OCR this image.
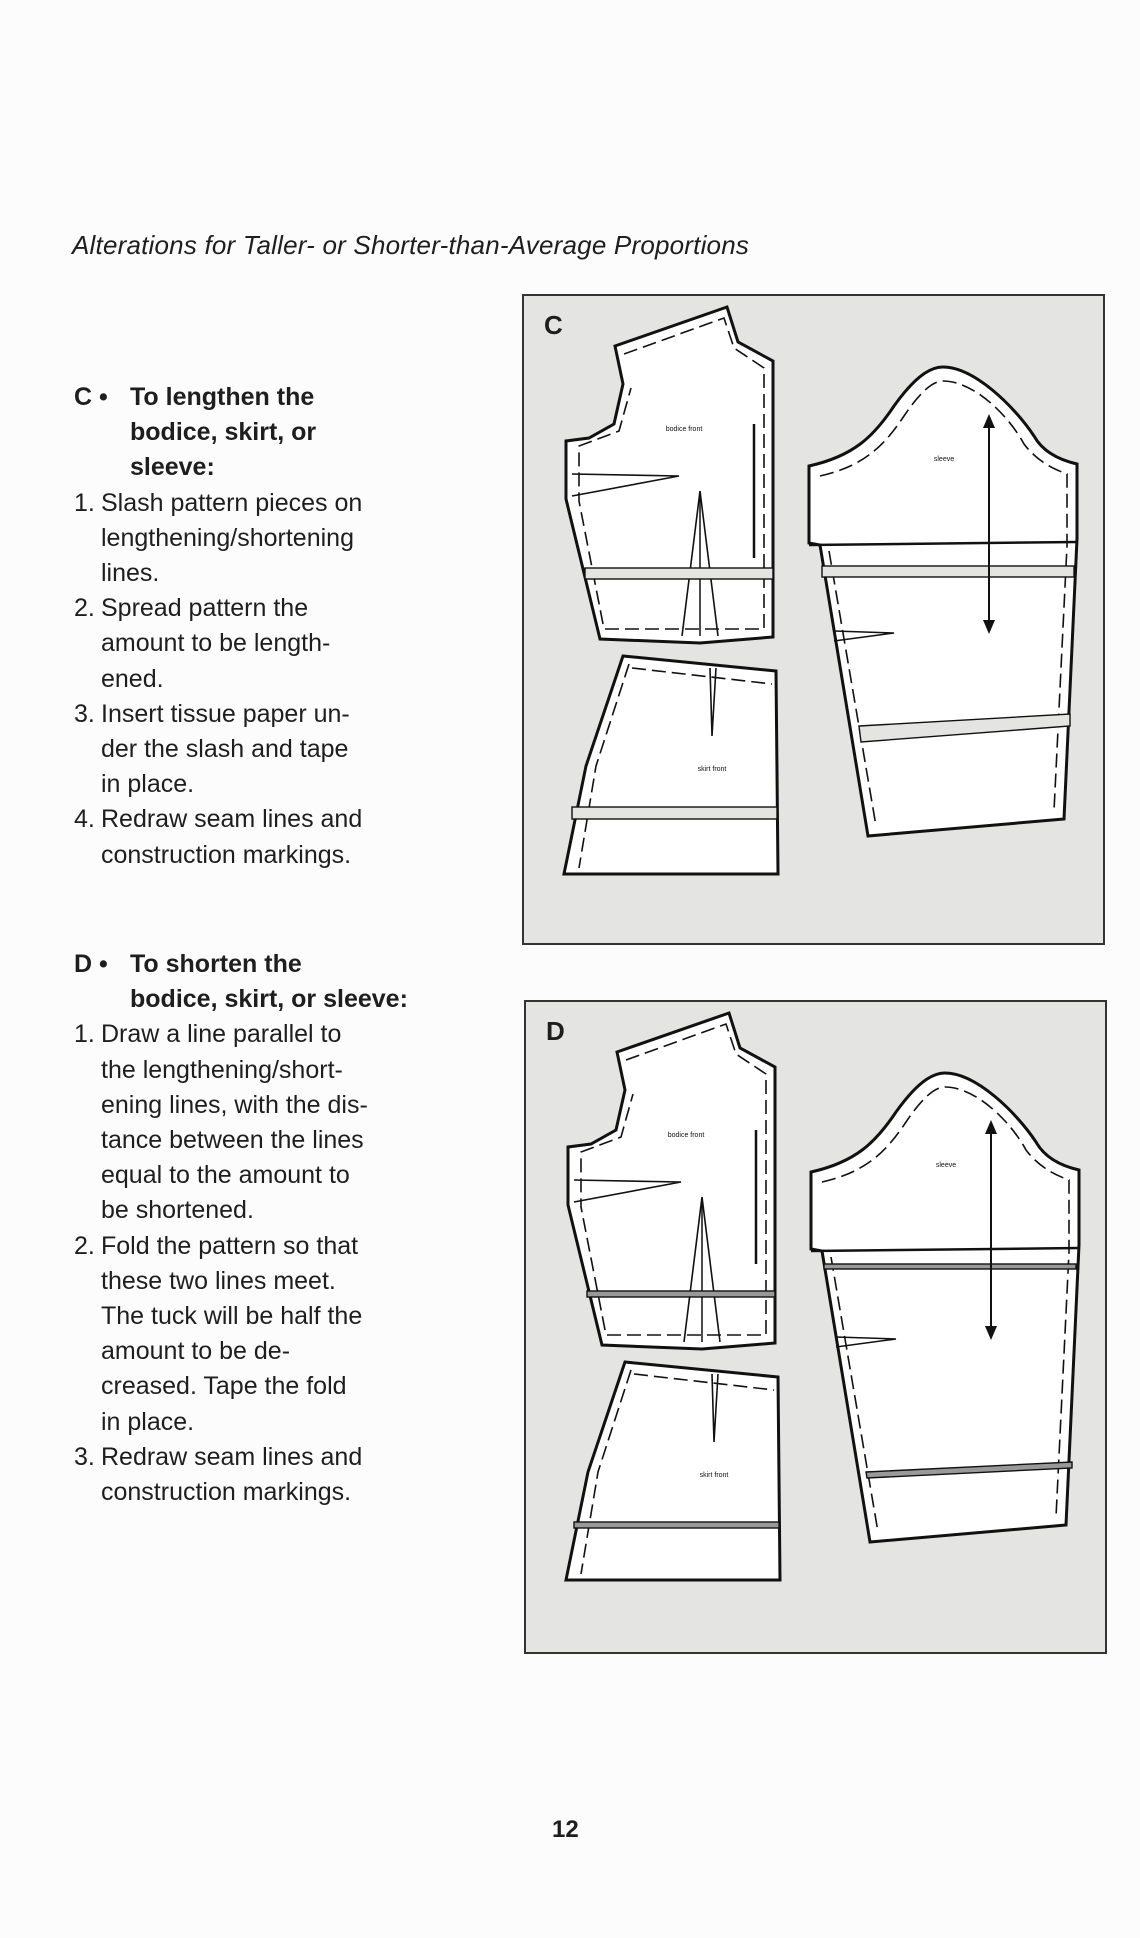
Alterations for Taller- or Shorter-than-Average Proportions
C • To lengthen the
bodice, skirt, or
sleeve:
1. Slash pattern pieces on
lengthening/shortening
lines.
2. Spread pattern the
amount to be length-
ened.
3. Insert tissue paper un-
der the slash and tape
in place.
4. Redraw seam lines and
construction markings.
D • To shorten the
bodice, skirt, or sleeve:
1. Draw a line parallel to
the lengthening/short-
ening lines, with the dis-
tance between the lines
equal to the amount to
be shortened.
2. Fold the pattern so that
these two lines meet.
The tuck will be half the
amount to be de-
creased. Tape the fold
in place.
3. Redraw seam lines and
construction markings.
bodice front
skirt front
sleeve
C
bodice front
skirt front
sleeve
D
12
